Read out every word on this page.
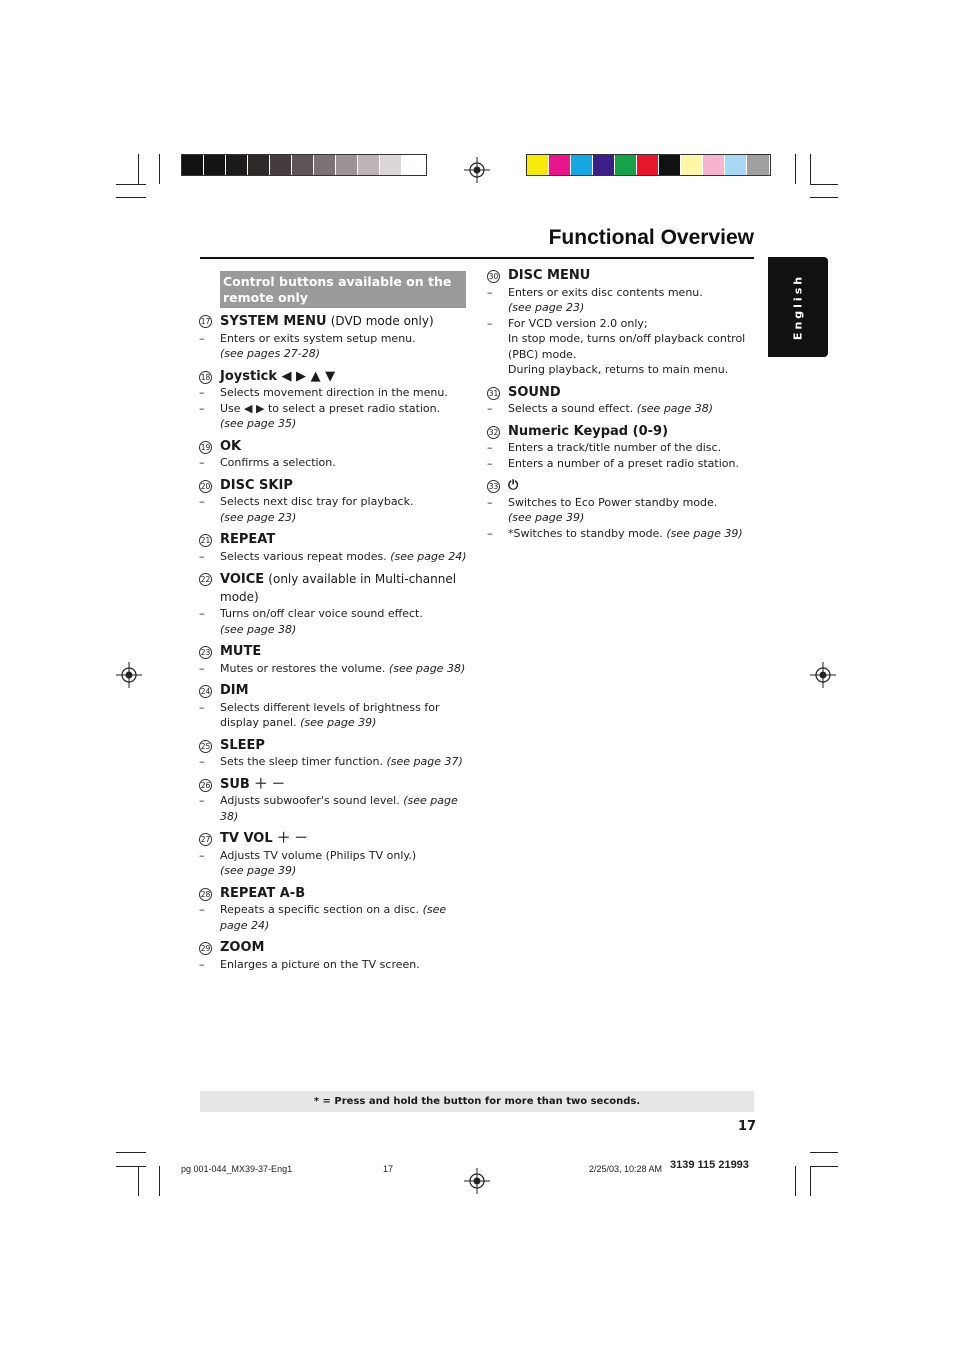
Functional Overview
English
Control buttons available on the remote only
17 SYSTEM MENU (DVD mode only)
– Enters or exits system setup menu.
(see pages 27-28)
18 Joystick ◀ ▶ ▲ ▼
– Selects movement direction in the menu.
– Use ◀ ▶ to select a preset radio station.
(see page 35)
19 OK
– Confirms a selection.
20 DISC SKIP
– Selects next disc tray for playback.
(see page 23)
21 REPEAT
– Selects various repeat modes. (see page 24)
22 VOICE (only available in Multi-channel mode)
– Turns on/off clear voice sound effect.
(see page 38)
23 MUTE
– Mutes or restores the volume. (see page 38)
24 DIM
– Selects different levels of brightness for display panel. (see page 39)
25 SLEEP
– Sets the sleep timer function. (see page 37)
26 SUB ＋ －
– Adjusts subwoofer's sound level. (see page 38)
27 TV VOL ＋ －
– Adjusts TV volume (Philips TV only.)
(see page 39)
28 REPEAT A-B
– Repeats a specific section on a disc. (see page 24)
29 ZOOM
– Enlarges a picture on the TV screen.
30 DISC MENU
– Enters or exits disc contents menu.
(see page 23)
– For VCD version 2.0 only;
In stop mode, turns on/off playback control (PBC) mode.
During playback, returns to main menu.
31 SOUND
– Selects a sound effect. (see page 38)
32 Numeric Keypad (0-9)
– Enters a track/title number of the disc.
– Enters a number of a preset radio station.
33 ⏻
– Switches to Eco Power standby mode.
(see page 39)
– *Switches to standby mode. (see page 39)
* = Press and hold the button for more than two seconds.
17
pg 001-044_MX39-37-Eng1	17	2/25/03, 10:28 AM 3139 115 21993
